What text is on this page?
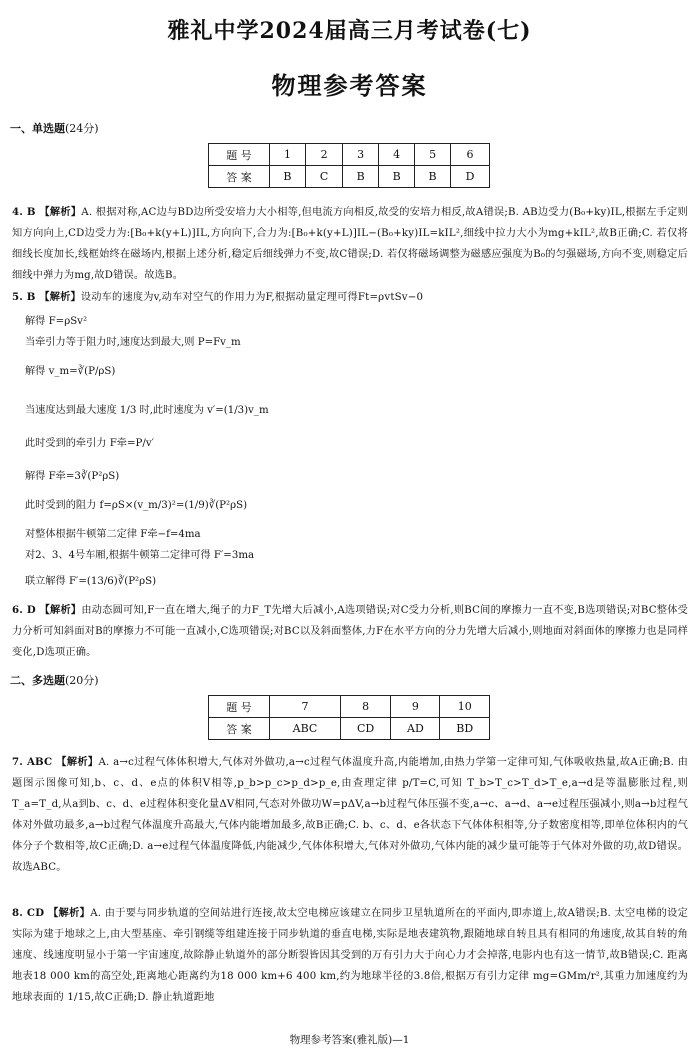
雅礼中学2024届高三月考试卷(七)
物理参考答案
一、单选题(24分)
题 号	1	2	3	4	5	6
答 案	B	C	B	B	B	D
4. B 【解析】A. 根据对称,AC边与BD边所受安培力大小相等,但电流方向相反,故受的安培力相反,故A错误;B. AB边受力(B₀+ky)IL,根据左手定则知方向向上,CD边受力为:[B₀+k(y+L)]IL,方向向下,合力为:[B₀+k(y+L)]IL−(B₀+ky)IL=kIL²,细线中拉力大小为mg+kIL²,故B正确;C. 若仅将细线长度加长,线框始终在磁场内,根据上述分析,稳定后细线弹力不变,故C错误;D. 若仅将磁场调整为磁感应强度为B₀的匀强磁场,方向不变,则稳定后细线中弹力为mg,故D错误。故选B。
5. B 【解析】设动车的速度为v,动车对空气的作用力为F,根据动量定理可得Ft=ρvtSv−0
解得 F=ρSv²
当牵引力等于阻力时,速度达到最大,则 P=Fv_m
解得 v_m=∛(P/ρS)
当速度达到最大速度 1/3 时,此时速度为 v′=(1/3)v_m
此时受到的牵引力 F牵=P/v′
解得 F牵=3∛(P²ρS)
此时受到的阻力 f=ρS×(v_m/3)²=(1/9)∛(P²ρS)
对整体根据牛顿第二定律 F牵−f=4ma
对2、3、4号车厢,根据牛顿第二定律可得 F′=3ma
联立解得 F′=(13/6)∛(P²ρS)
6. D 【解析】由动态圆可知,F一直在增大,绳子的力F_T先增大后减小,A选项错误;对C受力分析,则BC间的摩擦力一直不变,B选项错误;对BC整体受力分析可知斜面对B的摩擦力不可能一直减小,C选项错误;对BC以及斜面整体,力F在水平方向的分力先增大后减小,则地面对斜面体的摩擦力也是同样变化,D选项正确。
二、多选题(20分)
题 号	7	8	9	10
答 案	ABC	CD	AD	BD
7. ABC 【解析】A. a→c过程气体体积增大,气体对外做功,a→c过程气体温度升高,内能增加,由热力学第一定律可知,气体吸收热量,故A正确;B. 由题图示图像可知,b、c、d、e点的体积V相等,p_b>p_c>p_d>p_e,由查理定律 p/T=C,可知 T_b>T_c>T_d>T_e,a→d是等温膨胀过程,则 T_a=T_d,从a到b、c、d、e过程体积变化量ΔV相同,气态对外做功W=pΔV,a→b过程气体压强不变,a→c、a→d、a→e过程压强减小,则a→b过程气体对外做功最多,a→b过程气体温度升高最大,气体内能增加最多,故B正确;C. b、c、d、e各状态下气体体积相等,分子数密度相等,即单位体积内的气体分子个数相等,故C正确;D. a→e过程气体温度降低,内能减少,气体体积增大,气体对外做功,气体内能的减少量可能等于气体对外做的功,故D错误。故选ABC。
8. CD 【解析】A. 由于要与同步轨道的空间站进行连接,故太空电梯应该建立在同步卫星轨道所在的平面内,即赤道上,故A错误;B. 太空电梯的设定实际为建于地球之上,由大型基座、牵引钢缆等组建连接于同步轨道的垂直电梯,实际是地表建筑物,跟随地球自转且具有相同的角速度,故其自转的角速度、线速度明显小于第一宇宙速度,故除静止轨道外的部分断裂皆因其受到的万有引力大于向心力才会掉落,电影内也有这一情节,故B错误;C. 距离地表18 000 km的高空处,距离地心距离约为18 000 km+6 400 km,约为地球半径的3.8倍,根据万有引力定律 mg=GMm/r²,其重力加速度约为地球表面的 1/15,故C正确;D. 静止轨道距地
物理参考答案(雅礼版)—1
